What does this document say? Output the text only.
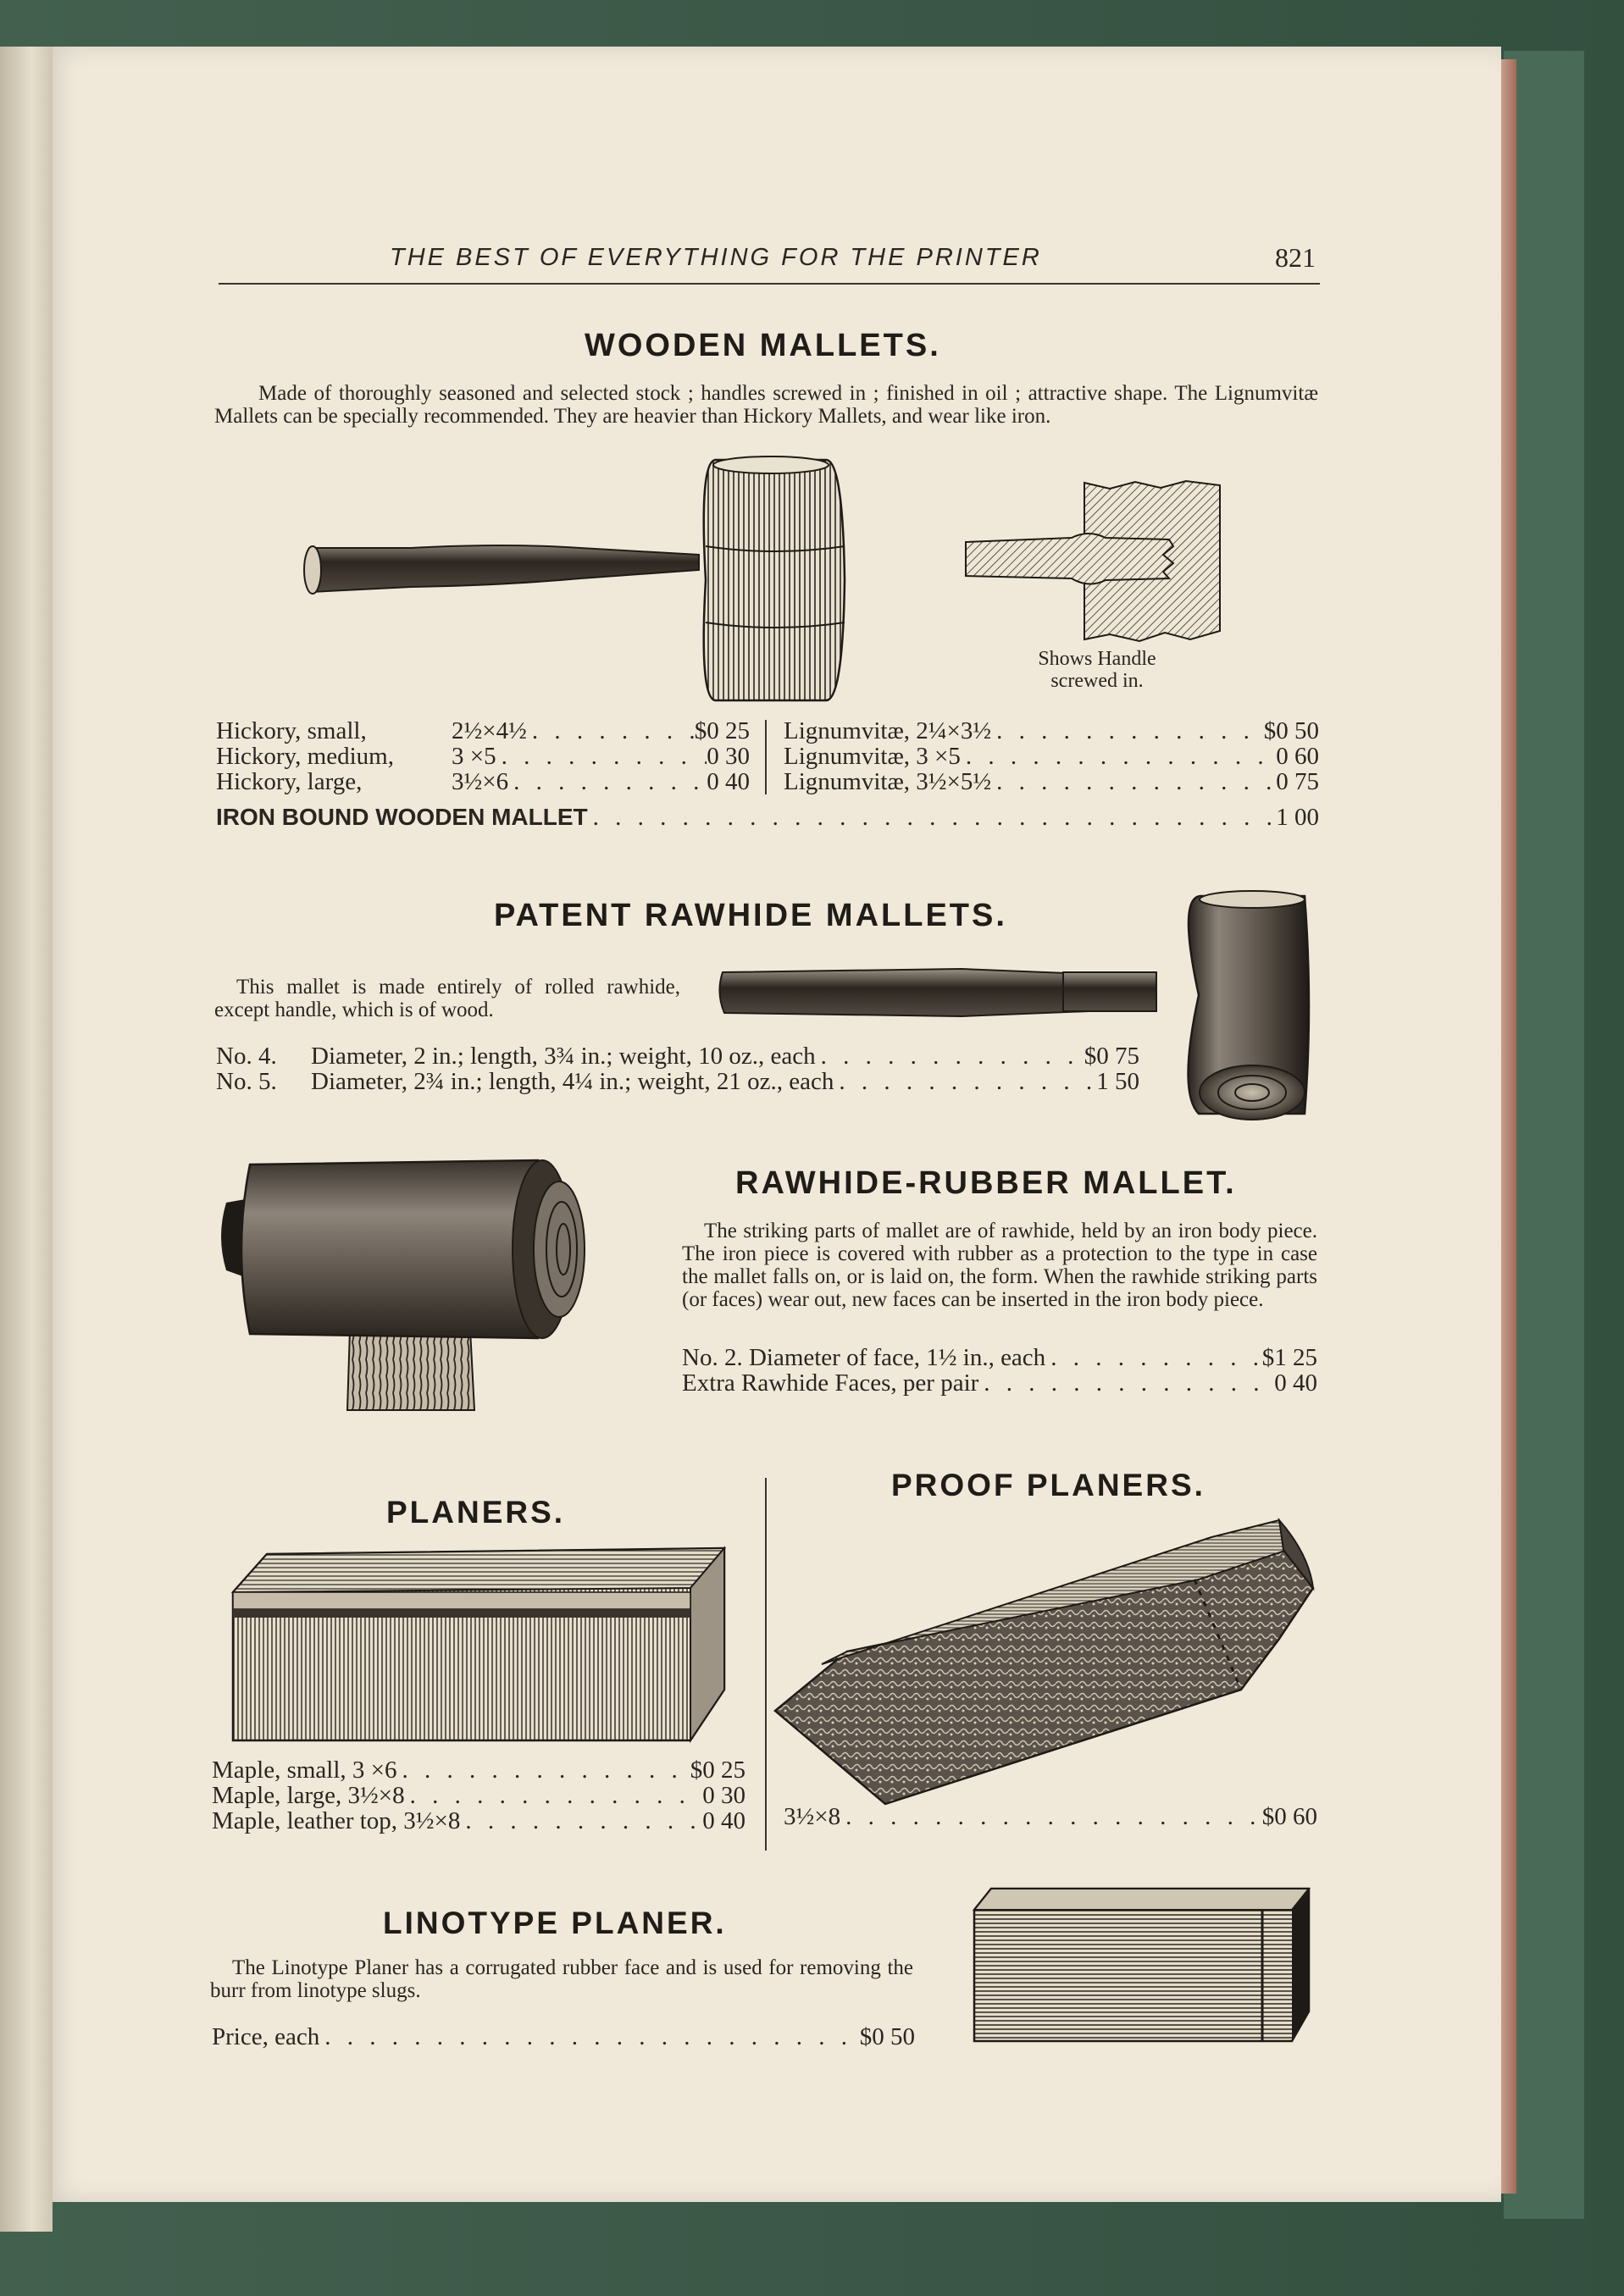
THE BEST OF EVERYTHING FOR THE PRINTER	821
WOODEN MALLETS.
Made of thoroughly seasoned and selected stock ; handles screwed in ; finished in oil ; attractive shape. The Lignumvitæ Mallets can be specially recommended. They are heavier than Hickory Mallets, and wear like iron.
Shows Handle screwed in.
Hickory, small,	2½×4½ . . .	$0 25
Hickory, medium,	3 ×5 . . .	0 30
Hickory, large,	3½×6 . . .	0 40
Lignumvitæ, 2¼×3½ . . .	$0 50
Lignumvitæ, 3 ×5 . . .	0 60
Lignumvitæ, 3½×5½ . . .	0 75
IRON BOUND WOODEN MALLET . . .	1 00
PATENT RAWHIDE MALLETS.
This mallet is made entirely of rolled rawhide, except handle, which is of wood.
No. 4.	Diameter, 2 in.; length, 3¾ in.; weight, 10 oz., each . . .	$0 75
No. 5.	Diameter, 2¾ in.; length, 4¼ in.; weight, 21 oz., each . . .	1 50
RAWHIDE-RUBBER MALLET.
The striking parts of mallet are of rawhide, held by an iron body piece. The iron piece is covered with rubber as a protection to the type in case the mallet falls on, or is laid on, the form. When the rawhide striking parts (or faces) wear out, new faces can be inserted in the iron body piece.
No. 2. Diameter of face, 1½ in., each . . .	$1 25
Extra Rawhide Faces, per pair . . .	0 40
PLANERS.
Maple, small, 3 ×6 . . .	$0 25
Maple, large, 3½×8 . . .	0 30
Maple, leather top, 3½×8 . . .	0 40
PROOF PLANERS.
3½×8 . . .	$0 60
LINOTYPE PLANER.
The Linotype Planer has a corrugated rubber face and is used for removing the burr from linotype slugs.
Price, each . . .	$0 50
